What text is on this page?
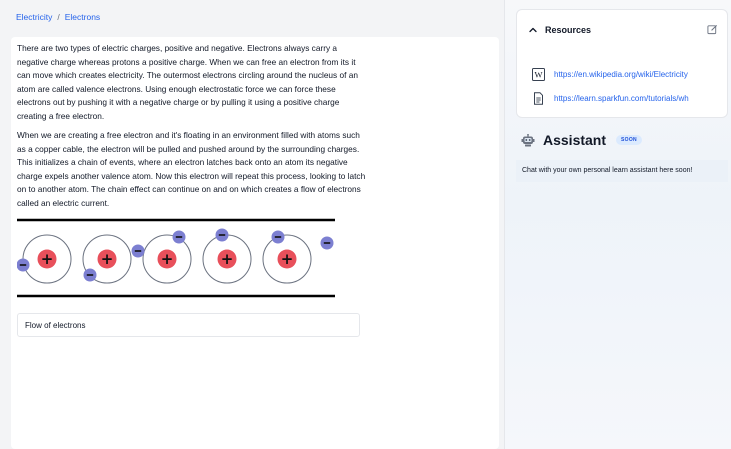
Electricity / Electrons

There are two types of electric charges, positive and negative. Electrons always carry a negative charge whereas protons a positive charge. When we can free an electron from its it can move which creates electricity. The outermost electrons circling around the nucleus of an atom are called valence electrons. Using enough electrostatic force we can force these electrons out by pushing it with a negative charge or by pulling it using a positive charge creating a free electron.

When we are creating a free electron and it's floating in an environment filled with atoms such as a copper cable, the electron will be pulled and pushed around by the surrounding charges. This initializes a chain of events, where an electron latches back onto an atom its negative charge expels another valence atom. Now this electron will repeat this process, looking to latch on to another atom. The chain effect can continue on and on which creates a flow of electrons called an electric current.

+	+	+	+	+
Flow of electrons
Resources
W https://en.wikipedia.org/wiki/Electricity
https://learn.sparkfun.com/tutorials/wh
Assistant	SOON
Chat with your own personal learn assistant here soon!
